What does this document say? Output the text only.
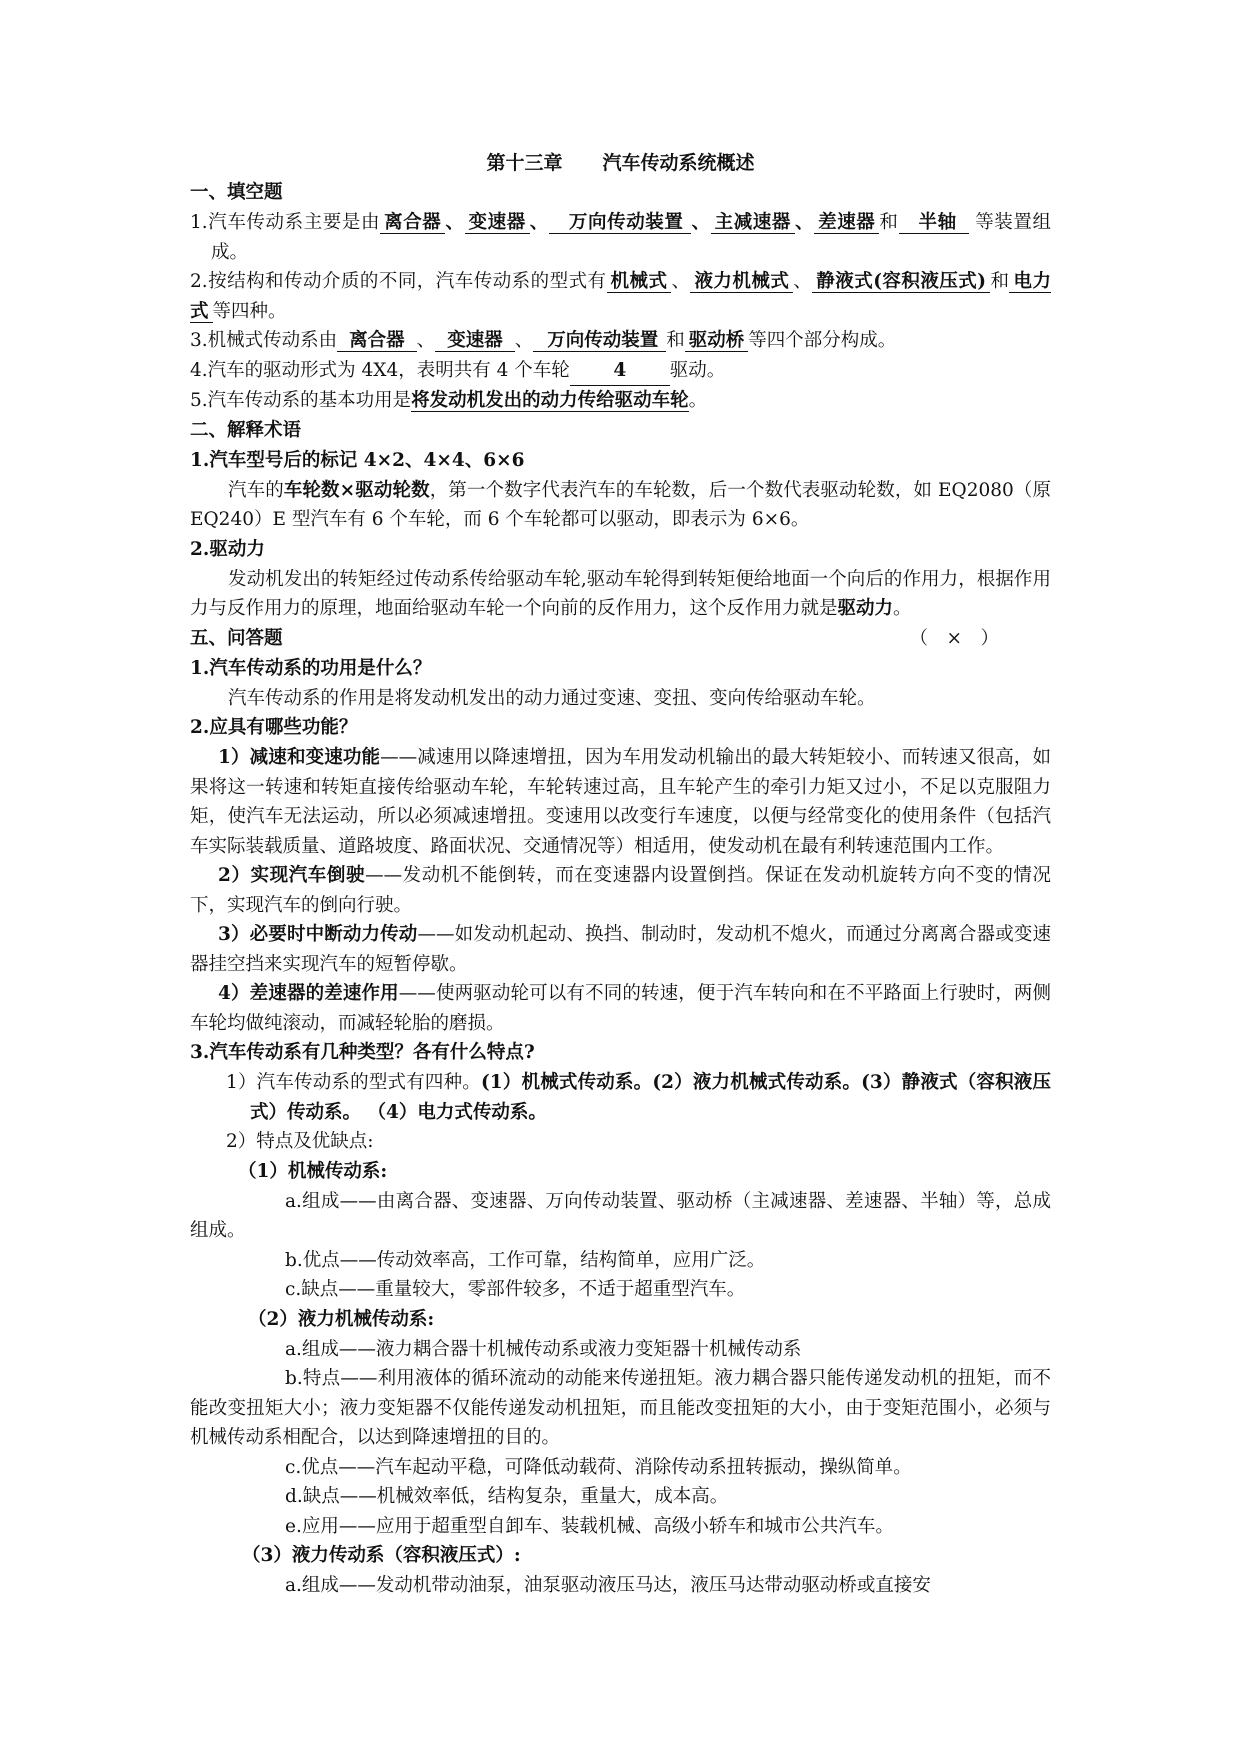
第十三章 汽车传动系统概述
一、填空题
1.汽车传动系主要是由 离合器 、 变速器 、 万向传动装置 、 主减速器 、 差速器 和 半轴 等装置组成。
2.按结构和传动介质的不同，汽车传动系的型式有 机械式 、 液力机械式 、 静液式(容积液压式) 和 电力式 等四种。
3.机械式传动系由 离合器 、 变速器 、 万向传动装置 和 驱动桥 等四个部分构成。
4.汽车的驱动形式为 4X4，表明共有 4 个车轮 4 驱动。
5.汽车传动系的基本功用是将发动机发出的动力传给驱动车轮。
二、解释术语
1.汽车型号后的标记 4×2、4×4、6×6
汽车的车轮数×驱动轮数，第一个数字代表汽车的车轮数，后一个数代表驱动轮数，如 EQ2080（原 EQ240）E 型汽车有 6 个车轮，而 6 个车轮都可以驱动，即表示为 6×6。
2.驱动力
发动机发出的转矩经过传动系传给驱动车轮,驱动车轮得到转矩便给地面一个向后的作用力，根据作用力与反作用力的原理，地面给驱动车轮一个向前的反作用力，这个反作用力就是驱动力。
（　×　）
五、问答题
1.汽车传动系的功用是什么？
汽车传动系的作用是将发动机发出的动力通过变速、变扭、变向传给驱动车轮。
2.应具有哪些功能？
1）减速和变速功能——减速用以降速增扭，因为车用发动机输出的最大转矩较小、而转速又很高，如果将这一转速和转矩直接传给驱动车轮，车轮转速过高，且车轮产生的牵引力矩又过小，不足以克服阻力矩，使汽车无法运动，所以必须减速增扭。变速用以改变行车速度，以便与经常变化的使用条件（包括汽车实际装载质量、道路坡度、路面状况、交通情况等）相适用，使发动机在最有利转速范围内工作。
2）实现汽车倒驶——发动机不能倒转，而在变速器内设置倒挡。保证在发动机旋转方向不变的情况下，实现汽车的倒向行驶。
3）必要时中断动力传动——如发动机起动、换挡、制动时，发动机不熄火，而通过分离离合器或变速器挂空挡来实现汽车的短暂停歇。
4）差速器的差速作用——使两驱动轮可以有不同的转速，便于汽车转向和在不平路面上行驶时，两侧车轮均做纯滚动，而减轻轮胎的磨损。
3.汽车传动系有几种类型？各有什么特点?
1）汽车传动系的型式有四种。(1）机械式传动系。(2）液力机械式传动系。(3）静液式（容积液压式）传动系。 （4）电力式传动系。
2）特点及优缺点:
（1）机械传动系:
a.组成——由离合器、变速器、万向传动装置、驱动桥（主减速器、差速器、半轴）等，总成组成。
b.优点——传动效率高，工作可靠，结构简单，应用广泛。
c.缺点——重量较大，零部件较多，不适于超重型汽车。
（2）液力机械传动系:
a.组成——液力耦合器十机械传动系或液力变矩器十机械传动系
b.特点——利用液体的循环流动的动能来传递扭矩。液力耦合器只能传递发动机的扭矩，而不能改变扭矩大小；液力变矩器不仅能传递发动机扭矩，而且能改变扭矩的大小，由于变矩范围小，必须与机械传动系相配合，以达到降速增扭的目的。
c.优点——汽车起动平稳，可降低动载荷、消除传动系扭转振动，操纵简单。
d.缺点——机械效率低，结构复杂，重量大，成本高。
e.应用——应用于超重型自卸车、装载机械、高级小轿车和城市公共汽车。
（3）液力传动系（容积液压式）:
a.组成——发动机带动油泵，油泵驱动液压马达，液压马达带动驱动桥或直接安
